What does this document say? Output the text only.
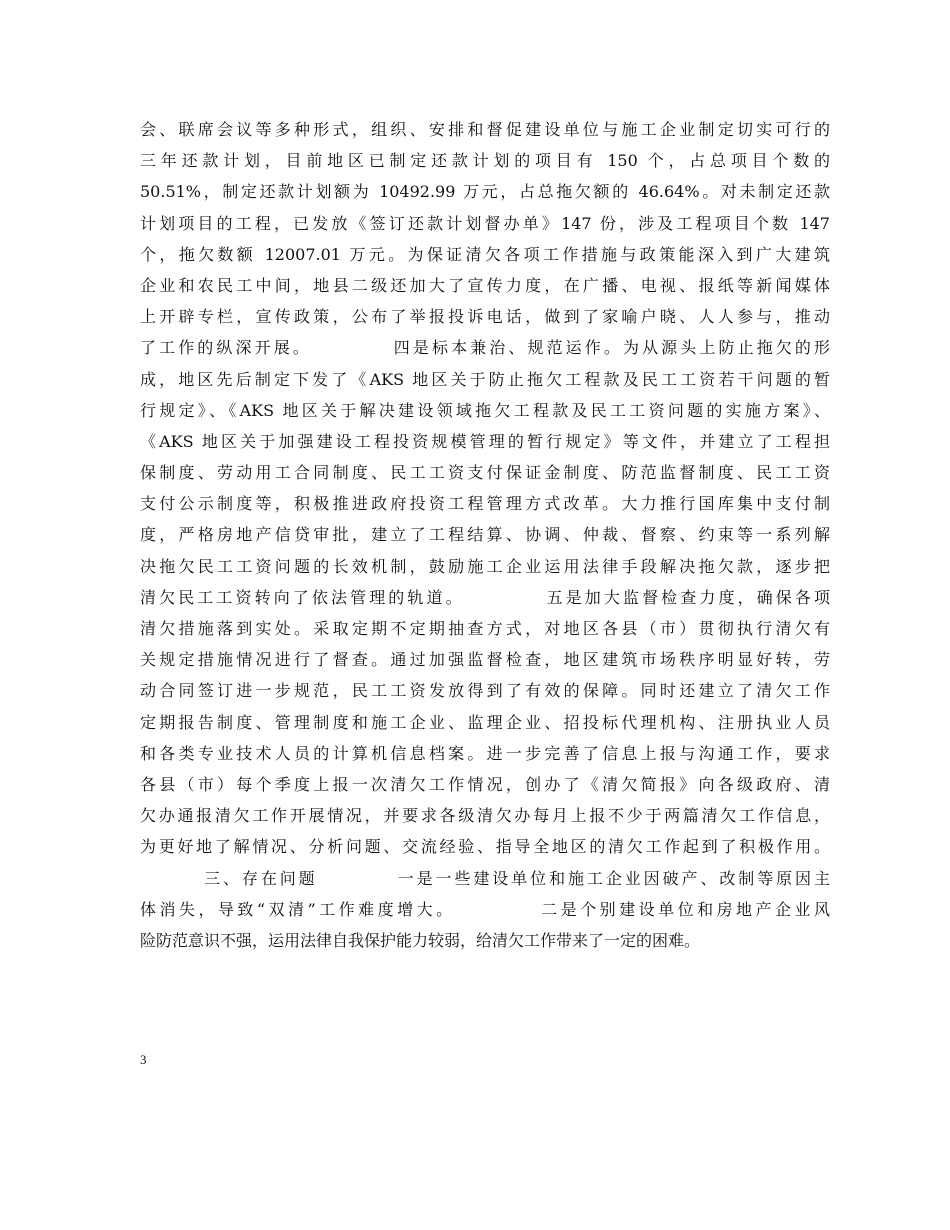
会、联席会议等多种形式，组织、安排和督促建设单位与施工企业制定切实可行的
三年还款计划，目前地区已制定还款计划的项目有 150 个，占总项目个数的
50.51%，制定还款计划额为 10492.99 万元，占总拖欠额的 46.64%。对未制定还款
计划项目的工程，已发放《签订还款计划督办单》147 份，涉及工程项目个数 147
个，拖欠数额 12007.01 万元。为保证清欠各项工作措施与政策能深入到广大建筑
企业和农民工中间，地县二级还加大了宣传力度，在广播、电视、报纸等新闻媒体
上开辟专栏，宣传政策，公布了举报投诉电话，做到了家喻户晓、人人参与，推动
了工作的纵深开展。          四是标本兼治、规范运作。为从源头上防止拖欠的形
成，地区先后制定下发了《AKS 地区关于防止拖欠工程款及民工工资若干问题的暂
行规定》、《AKS 地区关于解决建设领域拖欠工程款及民工工资问题的实施方案》、
《AKS 地区关于加强建设工程投资规模管理的暂行规定》等文件，并建立了工程担
保制度、劳动用工合同制度、民工工资支付保证金制度、防范监督制度、民工工资
支付公示制度等，积极推进政府投资工程管理方式改革。大力推行国库集中支付制
度，严格房地产信贷审批，建立了工程结算、协调、仲裁、督察、约束等一系列解
决拖欠民工工资问题的长效机制，鼓励施工企业运用法律手段解决拖欠款，逐步把
清欠民工工资转向了依法管理的轨道。          五是加大监督检查力度，确保各项
清欠措施落到实处。采取定期不定期抽查方式，对地区各县（市）贯彻执行清欠有
关规定措施情况进行了督查。通过加强监督检查，地区建筑市场秩序明显好转，劳
动合同签订进一步规范，民工工资发放得到了有效的保障。同时还建立了清欠工作
定期报告制度、管理制度和施工企业、监理企业、招投标代理机构、注册执业人员
和各类专业技术人员的计算机信息档案。进一步完善了信息上报与沟通工作，要求
各县（市）每个季度上报一次清欠工作情况，创办了《清欠简报》向各级政府、清
欠办通报清欠工作开展情况，并要求各级清欠办每月上报不少于两篇清欠工作信息，
为更好地了解情况、分析问题、交流经验、指导全地区的清欠工作起到了积极作用。
三、存在问题          一是一些建设单位和施工企业因破产、改制等原因主
体消失，导致“双清”工作难度增大。          二是个别建设单位和房地产企业风
险防范意识不强，运用法律自我保护能力较弱，给清欠工作带来了一定的困难。
3
